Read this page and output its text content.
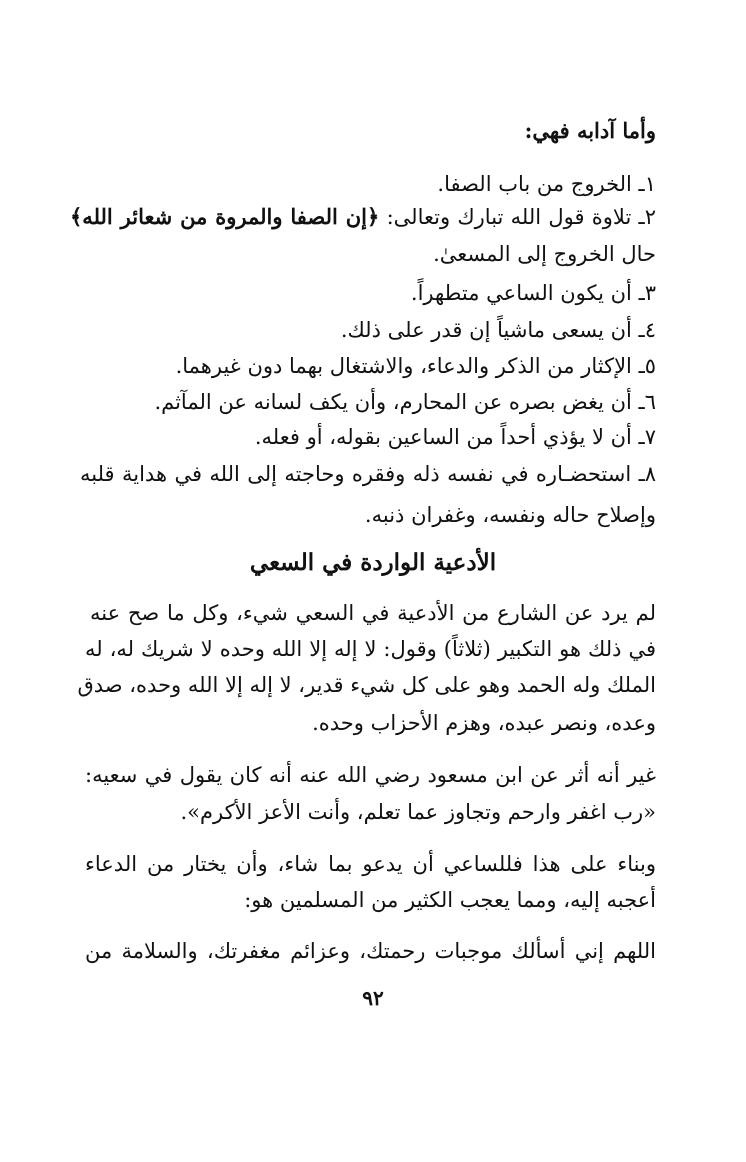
وأما آدابه فهي:
١ـ الخروج من باب الصفا.
٢ـ تلاوة قول الله تبارك وتعالى: ﴿إن الصفا والمروة من شعائر الله﴾
حال الخروج إلى المسعىٰ.
٣ـ أن يكون الساعي متطهراً.
٤ـ أن يسعى ماشياً إن قدر على ذلك.
٥ـ الإكثار من الذكر والدعاء، والاشتغال بهما دون غيرهما.
٦ـ أن يغض بصره عن المحارم، وأن يكف لسانه عن المآثم.
٧ـ أن لا يؤذي أحداً من الساعين بقوله، أو فعله.
٨ـ استحضـاره في نفسه ذله وفقره وحاجته إلى الله في هداية قلبه
وإصلاح حاله ونفسه، وغفران ذنبه.
الأدعية الواردة في السعي
لم يرد عن الشارع من الأدعية في السعي شيء، وكل ما صح عنه
في ذلك هو التكبير (ثلاثاً) وقول: لا إله إلا الله وحده لا شريك له، له
الملك وله الحمد وهو على كل شيء قدير، لا إله إلا الله وحده، صدق
وعده، ونصر عبده، وهزم الأحزاب وحده.
غير أنه أثر عن ابن مسعود رضي الله عنه أنه كان يقول في سعيه:
«رب اغفر وارحم وتجاوز عما تعلم، وأنت الأعز الأكرم».
وبناء على هذا فللساعي أن يدعو بما شاء، وأن يختار من الدعاء
أعجبه إليه، ومما يعجب الكثير من المسلمين هو:
اللهم إني أسألك موجبات رحمتك، وعزائم مغفرتك، والسلامة من
٩٢
